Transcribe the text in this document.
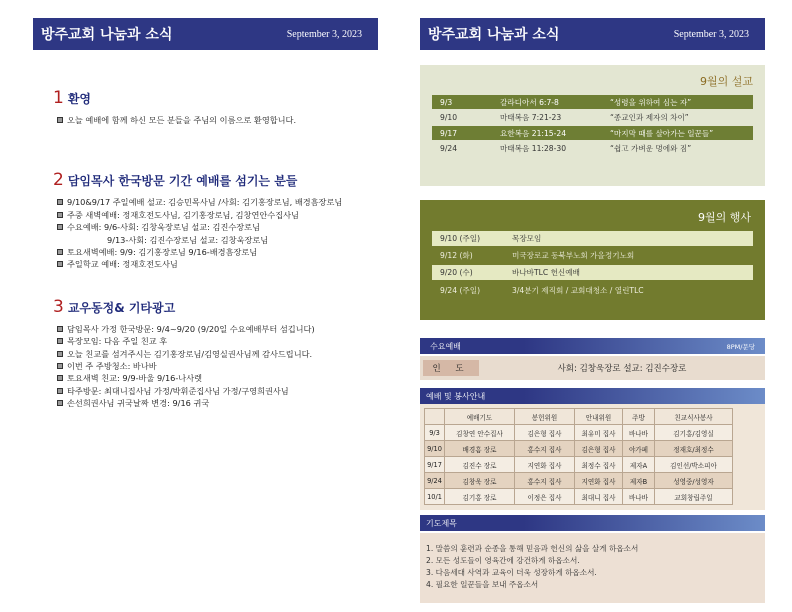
방주교회 나눔과 소식	September 3, 2023
1 환영
오늘 예배에 함께 하신 모든 분들을 주님의 이름으로 환영합니다.
2 담임목사 한국방문 기간 예배를 섬기는 분들
9/10&9/17 주일예배 설교: 김승민목사님 /사회: 김기홍장로님, 배경흠장로님
주중 새벽예배: 정재호전도사님, 김기홍장로님, 김창연안수집사님
수요예배: 9/6-사회: 김창욱장로님 설교: 김진수장로님
9/13-사회: 김진수장로님 설교: 김창욱장로님
토요새벽예배: 9/9: 김기홍장로님 9/16-배경흠장로님
주일학교 예배: 정재호전도사님
3 교우동정& 기타광고
담임목사 가정 한국방문: 9/4~9/20 (9/20일 수요예배부터 섬깁니다)
목장모임: 다음 주일 친교 후
오늘 친교를 섬겨주시는 김기홍장로님/김영실권사님께 감사드립니다.
이번 주 주방청소: 바나바
토요새벽 친교: 9/9-바울 9/16-나사렛
타주방문: 최대니집사님 가정/박휘준집사님 가정/구영희권사님
손선희권사님 귀국날짜 변경: 9/16 귀국
방주교회 나눔과 소식	September 3, 2023
9월의 설교
9/3	갈라디아서 6:7-8	“성령을 위하여 심는 자”
9/10	마태복음 7:21-23	“종교인과 제자의 차이”
9/17	요한복음 21:15-24	“마지막 때를 살아가는 일꾼들”
9/24	마태복음 11:28-30	“쉽고 가벼운 멍에와 짐”
9월의 행사
9/10 (주일)	목장모임
9/12 (화)	미국장로교 동북부노회 가을정기노회
9/20 (수)	바나바TLC 헌신예배
9/24 (주일)	3/4분기 제직회 / 교회대청소 / 열린TLC
수요예배	8PM/문당
인 도	사회: 김창욱장로 설교: 김진수장로
예배 및 봉사안내
	예배기도	봉헌위원	안내위원	주방	친교식사봉사
9/3	김창연 안수집사	김은형 집사	최유미 집사	바나바	김기홍/김영실
9/10	배경흠 장로	홍수지 집사	김은형 집사	야가페	정재호/최정수
9/17	김진수 장로	지연화 집사	최정수 집사	제자A	김인선/박소피아
9/24	김창욱 장로	홍수지 집사	지연화 집사	제자B	성영중/성영자
10/1	김기홍 장로	이정은 집사	최대니 집사	바나바	교회창립주일
기도제목
1. 말씀의 훈련과 순종을 통해 믿음과 헌신의 삶을 살게 하옵소서
2. 모든 성도들이 영육간에 강건하게 하옵소서.
3. 다음세대 사역과 교육이 더욱 성장하게 하옵소서.
4. 필요한 일꾼들을 보내 주옵소서
